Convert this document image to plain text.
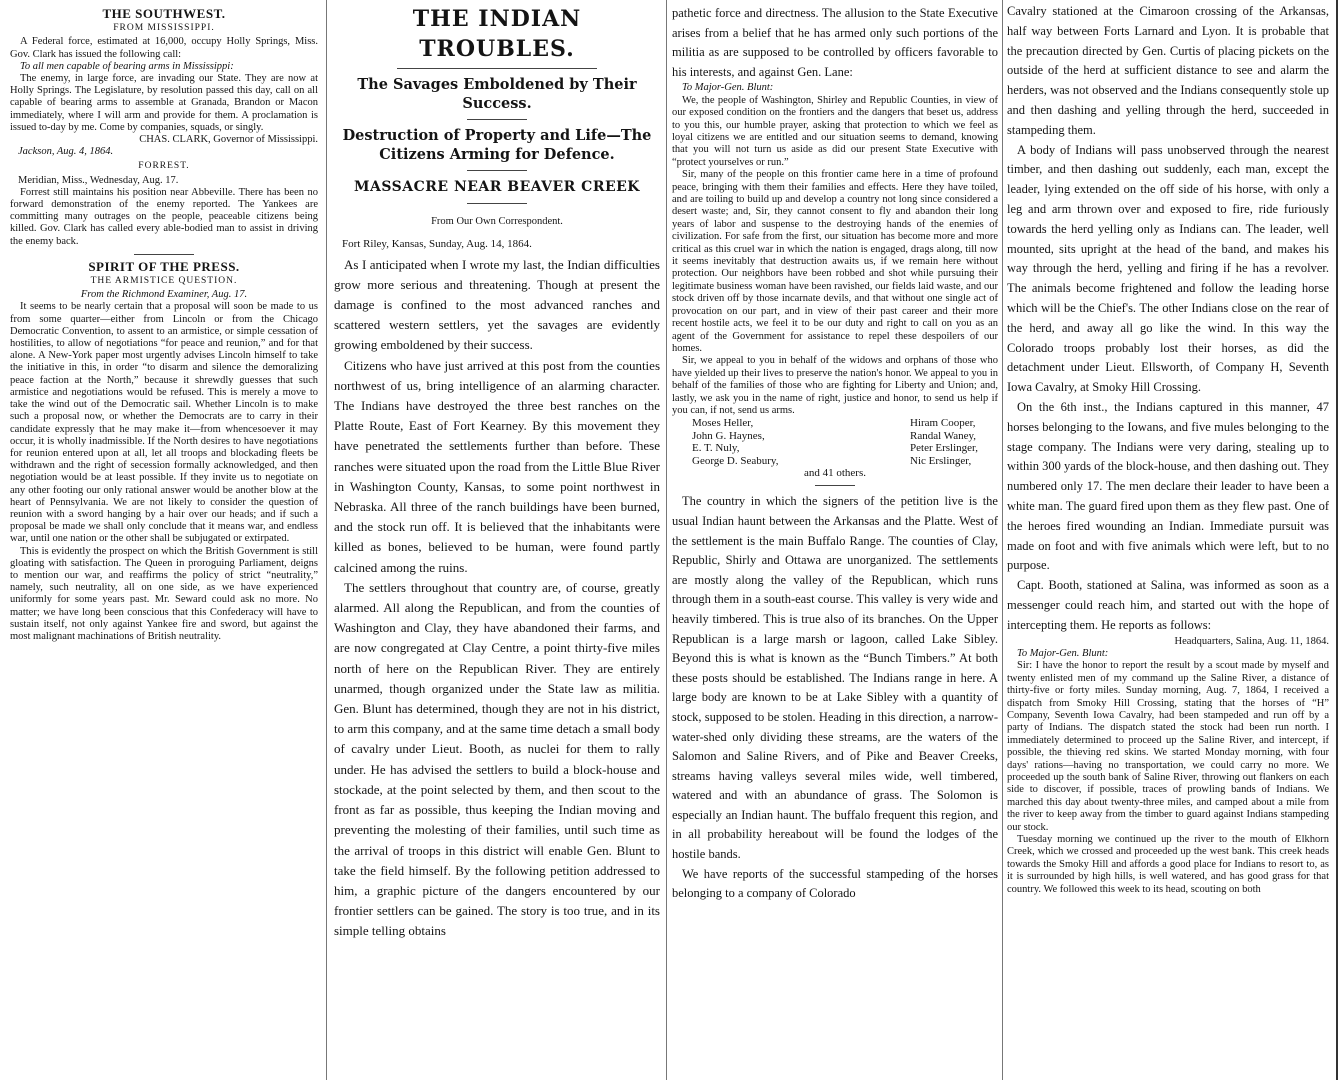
THE SOUTHWEST.
FROM MISSISSIPPI.

A Federal force, estimated at 16,000, occupy Holly Springs, Miss. Gov. Clark has issued the following call:

To all men capable of bearing arms in Mississippi:

The enemy, in large force, are invading our State. They are now at Holly Springs. The Legislature, by resolution passed this day, call on all capable of bearing arms to assemble at Granada, Brandon or Macon immediately, where I will arm and provide for them. A proclamation is issued to-day by me. Come by companies, squads, or singly.

CHAS. CLARK, Governor of Mississippi.

Jackson, Aug. 4, 1864.

FORREST.

Meridian, Miss., Wednesday, Aug. 17.

Forrest still maintains his position near Abbeville. There has been no forward demonstration of the enemy reported. The Yankees are committing many outrages on the people, peaceable citizens being killed. Gov. Clark has called every able-bodied man to assist in driving the enemy back.

SPIRIT OF THE PRESS.
THE ARMISTICE QUESTION.

From the Richmond Examiner, Aug. 17.

It seems to be nearly certain that a proposal will soon be made to us from some quarter—either from Lincoln or from the Chicago Democratic Convention, to assent to an armistice, or simple cessation of hostilities, to allow of negotiations “for peace and reunion,” and for that alone. A New-York paper most urgently advises Lincoln himself to take the initiative in this, in order “to disarm and silence the demoralizing peace faction at the North,” because it shrewdly guesses that such armistice and negotiations would be refused. This is merely a move to take the wind out of the Democratic sail. Whether Lincoln is to make such a proposal now, or whether the Democrats are to carry in their candidate expressly that he may make it—from whencesoever it may occur, it is wholly inadmissible. If the North desires to have negotiations for reunion entered upon at all, let all troops and blockading fleets be withdrawn and the right of secession formally acknowledged, and then negotiation would be at least possible. If they invite us to negotiate on any other footing our only rational answer would be another blow at the heart of Pennsylvania. We are not likely to consider the question of reunion with a sword hanging by a hair over our heads; and if such a proposal be made we shall only conclude that it means war, and endless war, until one nation or the other shall be subjugated or extirpated.

This is evidently the prospect on which the British Government is still gloating with satisfaction. The Queen in proroguing Parliament, deigns to mention our war, and reaffirms the policy of strict “neutrality,” namely, such neutrality, all on one side, as we have experienced uniformly for some years past. Mr. Seward could ask no more. No matter; we have long been conscious that this Confederacy will have to sustain itself, not only against Yankee fire and sword, but against the most malignant machinations of British neutrality.

THE INDIAN TROUBLES.
The Savages Emboldened by Their Success.
Destruction of Property and Life—The Citizens Arming for Defence.
MASSACRE NEAR BEAVER CREEK
From Our Own Correspondent.

Fort Riley, Kansas, Sunday, Aug. 14, 1864.

As I anticipated when I wrote my last, the Indian difficulties grow more serious and threatening. Though at present the damage is confined to the most advanced ranches and scattered western settlers, yet the savages are evidently growing emboldened by their success.

Citizens who have just arrived at this post from the counties northwest of us, bring intelligence of an alarming character. The Indians have destroyed the three best ranches on the Platte Route, East of Fort Kearney. By this movement they have penetrated the settlements further than before. These ranches were situated upon the road from the Little Blue River in Washington County, Kansas, to some point northwest in Nebraska. All three of the ranch buildings have been burned, and the stock run off. It is believed that the inhabitants were killed as bones, believed to be human, were found partly calcined among the ruins.

The settlers throughout that country are, of course, greatly alarmed. All along the Republican, and from the counties of Washington and Clay, they have abandoned their farms, and are now congregated at Clay Centre, a point thirty-five miles north of here on the Republican River. They are entirely unarmed, though organized under the State law as militia. Gen. Blunt has determined, though they are not in his district, to arm this company, and at the same time detach a small body of cavalry under Lieut. Booth, as nuclei for them to rally under. He has advised the settlers to build a block-house and stockade, at the point selected by them, and then scout to the front as far as possible, thus keeping the Indian moving and preventing the molesting of their families, until such time as the arrival of troops in this district will enable Gen. Blunt to take the field himself. By the following petition addressed to him, a graphic picture of the dangers encountered by our frontier settlers can be gained. The story is too true, and in its simple telling obtains

pathetic force and directness. The allusion to the State Executive arises from a belief that he has armed only such portions of the militia as are supposed to be controlled by officers favorable to his interests, and against Gen. Lane:

To Major-Gen. Blunt:

We, the people of Washington, Shirley and Republic Counties, in view of our exposed condition on the frontiers and the dangers that beset us, address to you this, our humble prayer, asking that protection to which we feel as loyal citizens we are entitled and our situation seems to demand, knowing that you will not turn us aside as did our present State Executive with “protect yourselves or run.”

Sir, many of the people on this frontier came here in a time of profound peace, bringing with them their families and effects. Here they have toiled, and are toiling to build up and develop a country not long since considered a desert waste; and, Sir, they cannot consent to fly and abandon their long years of labor and suspense to the destroying hands of the enemies of civilization. For safe from the first, our situation has become more and more critical as this cruel war in which the nation is engaged, drags along, till now it seems inevitably that destruction awaits us, if we remain here without protection. Our neighbors have been robbed and shot while pursuing their legitimate business woman have been ravished, our fields laid waste, and our stock driven off by those incarnate devils, and that without one single act of provocation on our part, and in view of their past career and their more recent hostile acts, we feel it to be our duty and right to call on you as an agent of the Government for assistance to repel these despoilers of our homes.

Sir, we appeal to you in behalf of the widows and orphans of those who have yielded up their lives to preserve the nation's honor. We appeal to you in behalf of the families of those who are fighting for Liberty and Union; and, lastly, we ask you in the name of right, justice and honor, to send us help if you can, if not, send us arms.

Moses Heller,
John G. Haynes,
E. T. Nuly,
George D. Seabury,
Hiram Cooper,
Randal Waney,
Peter Erslinger,
Nic Erslinger,
and 41 others.

The country in which the signers of the petition live is the usual Indian haunt between the Arkansas and the Platte. West of the settlement is the main Buffalo Range. The counties of Clay, Republic, Shirly and Ottawa are unorganized. The settlements are mostly along the valley of the Republican, which runs through them in a south-east course. This valley is very wide and heavily timbered. This is true also of its branches. On the Upper Republican is a large marsh or lagoon, called Lake Sibley. Beyond this is what is known as the “Bunch Timbers.” At both these posts should be established. The Indians range in here. A large body are known to be at Lake Sibley with a quantity of stock, supposed to be stolen. Heading in this direction, a narrow-water-shed only dividing these streams, are the waters of the Salomon and Saline Rivers, and of Pike and Beaver Creeks, streams having valleys several miles wide, well timbered, watered and with an abundance of grass. The Solomon is especially an Indian haunt. The buffalo frequent this region, and in all probability hereabout will be found the lodges of the hostile bands.

We have reports of the successful stampeding of the horses belonging to a company of Colorado

Cavalry stationed at the Cimaroon crossing of the Arkansas, half way between Forts Larnard and Lyon. It is probable that the precaution directed by Gen. Curtis of placing pickets on the outside of the herd at sufficient distance to see and alarm the herders, was not observed and the Indians consequently stole up and then dashing and yelling through the herd, succeeded in stampeding them.

A body of Indians will pass unobserved through the nearest timber, and then dashing out suddenly, each man, except the leader, lying extended on the off side of his horse, with only a leg and arm thrown over and exposed to fire, ride furiously towards the herd yelling only as Indians can. The leader, well mounted, sits upright at the head of the band, and makes his way through the herd, yelling and firing if he has a revolver. The animals become frightened and follow the leading horse which will be the Chief's. The other Indians close on the rear of the herd, and away all go like the wind. In this way the Colorado troops probably lost their horses, as did the detachment under Lieut. Ellsworth, of Company H, Seventh Iowa Cavalry, at Smoky Hill Crossing.

On the 6th inst., the Indians captured in this manner, 47 horses belonging to the Iowans, and five mules belonging to the stage company. The Indians were very daring, stealing up to within 300 yards of the block-house, and then dashing out. They numbered only 17. The men declare their leader to have been a white man. The guard fired upon them as they flew past. One of the heroes fired wounding an Indian. Immediate pursuit was made on foot and with five animals which were left, but to no purpose.

Capt. Booth, stationed at Salina, was informed as soon as a messenger could reach him, and started out with the hope of intercepting them. He reports as follows:

Headquarters, Salina, Aug. 11, 1864.

To Major-Gen. Blunt:

Sir: I have the honor to report the result by a scout made by myself and twenty enlisted men of my command up the Saline River, a distance of thirty-five or forty miles. Sunday morning, Aug. 7, 1864, I received a dispatch from Smoky Hill Crossing, stating that the horses of “H” Company, Seventh Iowa Cavalry, had been stampeded and run off by a party of Indians. The dispatch stated the stock had been run north. I immediately determined to proceed up the Saline River, and intercept, if possible, the thieving red skins. We started Monday morning, with four days' rations—having no transportation, we could carry no more. We proceeded up the south bank of Saline River, throwing out flankers on each side to discover, if possible, traces of prowling bands of Indians. We marched this day about twenty-three miles, and camped about a mile from the river to keep away from the timber to guard against Indians stampeding our stock.

Tuesday morning we continued up the river to the mouth of Elkhorn Creek, which we crossed and proceeded up the west bank. This creek heads towards the Smoky Hill and affords a good place for Indians to resort to, as it is surrounded by high hills, is well watered, and has good grass for that country. We followed this week to its head, scouting on both
